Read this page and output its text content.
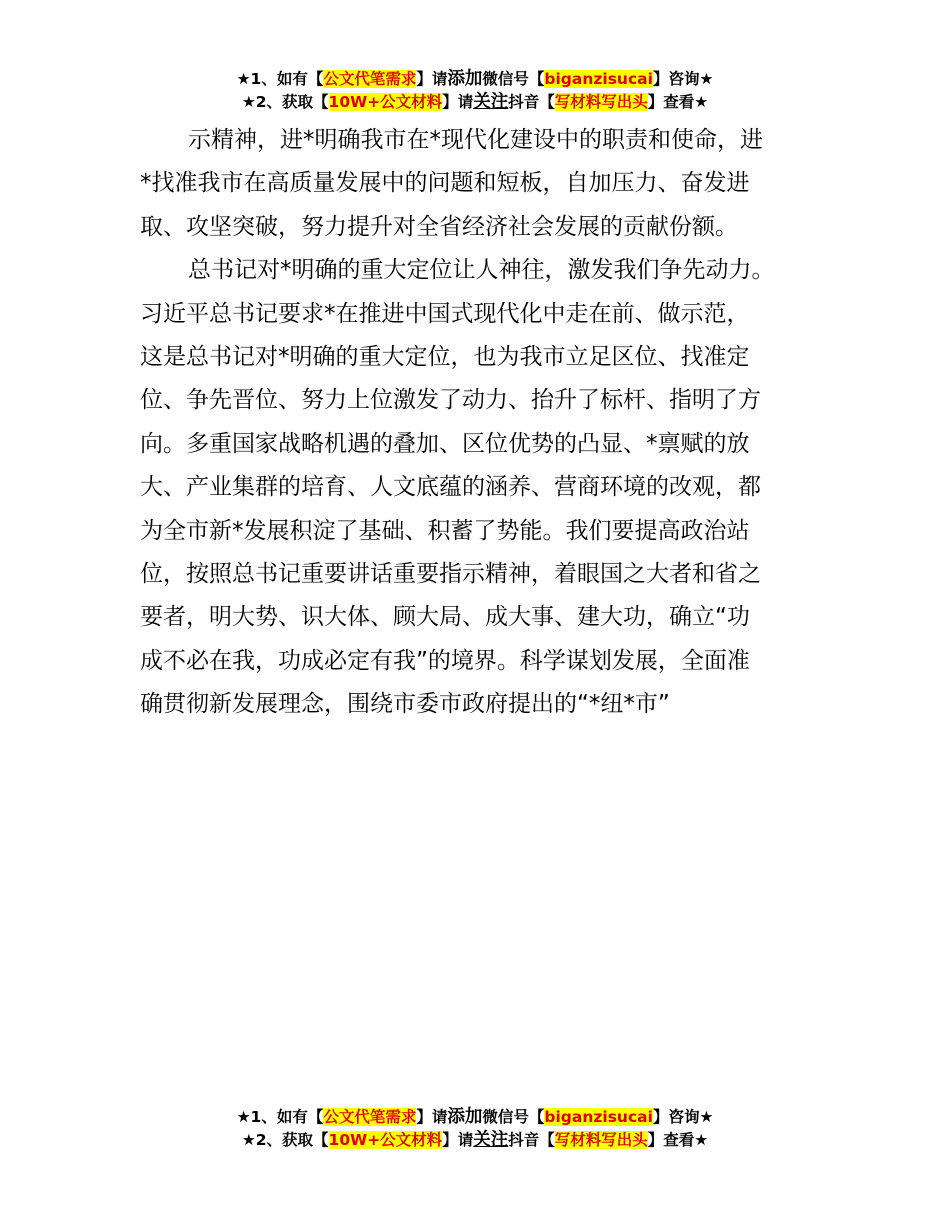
★1、如有【公文代笔需求】请添加微信号【biganzisucai】咨询★
★2、获取【10W+公文材料】请关注抖音【写材料写出头】查看★
示精神，进*明确我市在*现代化建设中的职责和使命，进
*找准我市在高质量发展中的问题和短板，自加压力、奋发进
取、攻坚突破，努力提升对全省经济社会发展的贡献份额。
总书记对*明确的重大定位让人神往，激发我们争先动力。
习近平总书记要求*在推进中国式现代化中走在前、做示范，
这是总书记对*明确的重大定位，也为我市立足区位、找准定
位、争先晋位、努力上位激发了动力、抬升了标杆、指明了方
向。多重国家战略机遇的叠加、区位优势的凸显、*禀赋的放
大、产业集群的培育、人文底蕴的涵养、营商环境的改观，都
为全市新*发展积淀了基础、积蓄了势能。我们要提高政治站
位，按照总书记重要讲话重要指示精神，着眼国之大者和省之
要者，明大势、识大体、顾大局、成大事、建大功，确立“功
成不必在我，功成必定有我”的境界。科学谋划发展，全面准
确贯彻新发展理念，围绕市委市政府提出的“*纽*市”
★1、如有【公文代笔需求】请添加微信号【biganzisucai】咨询★
★2、获取【10W+公文材料】请关注抖音【写材料写出头】查看★
